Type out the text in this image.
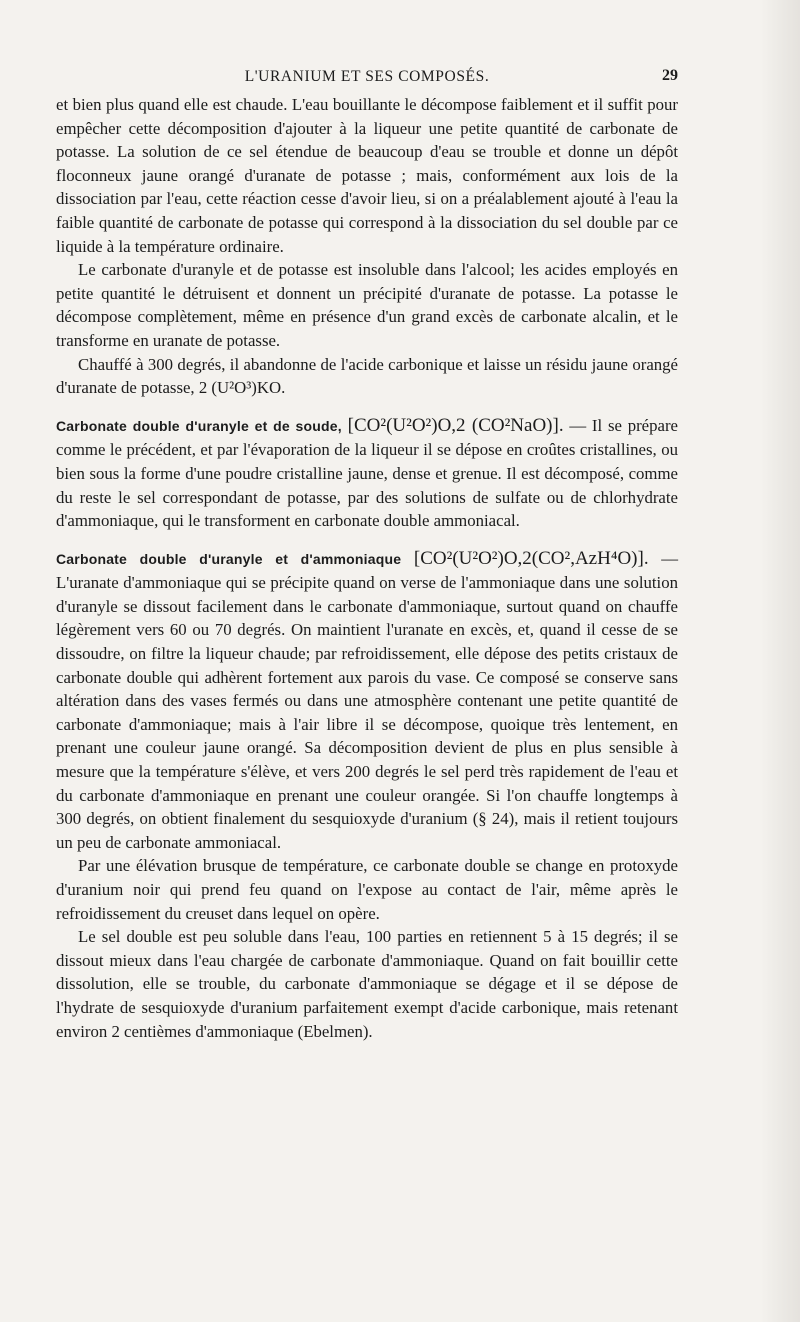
L'URANIUM ET SES COMPOSÉS.	29

et bien plus quand elle est chaude. L'eau bouillante le décompose faiblement et il suffit pour empêcher cette décomposition d'ajouter à la liqueur une petite quantité de carbonate de potasse. La solution de ce sel étendue de beaucoup d'eau se trouble et donne un dépôt floconneux jaune orangé d'uranate de potasse ; mais, conformément aux lois de la dissociation par l'eau, cette réaction cesse d'avoir lieu, si on a préalablement ajouté à l'eau la faible quantité de carbonate de potasse qui correspond à la dissociation du sel double par ce liquide à la température ordinaire.

Le carbonate d'uranyle et de potasse est insoluble dans l'alcool; les acides employés en petite quantité le détruisent et donnent un précipité d'uranate de potasse. La potasse le décompose complètement, même en présence d'un grand excès de carbonate alcalin, et le transforme en uranate de potasse.

Chauffé à 300 degrés, il abandonne de l'acide carbonique et laisse un résidu jaune orangé d'uranate de potasse, 2 (U²O³)KO.

Carbonate double d'uranyle et de soude, [CO²(U²O²)O,2 (CO²NaO)]. — Il se prépare comme le précédent, et par l'évaporation de la liqueur il se dépose en croûtes cristallines, ou bien sous la forme d'une poudre cristalline jaune, dense et grenue. Il est décomposé, comme du reste le sel correspondant de potasse, par des solutions de sulfate ou de chlorhydrate d'ammoniaque, qui le transforment en carbonate double ammoniacal.

Carbonate double d'uranyle et d'ammoniaque [CO²(U²O²)O,2(CO²,AzH⁴O)]. — L'uranate d'ammoniaque qui se précipite quand on verse de l'ammoniaque dans une solution d'uranyle se dissout facilement dans le carbonate d'ammoniaque, surtout quand on chauffe légèrement vers 60 ou 70 degrés. On maintient l'uranate en excès, et, quand il cesse de se dissoudre, on filtre la liqueur chaude; par refroidissement, elle dépose des petits cristaux de carbonate double qui adhèrent fortement aux parois du vase. Ce composé se conserve sans altération dans des vases fermés ou dans une atmosphère contenant une petite quantité de carbonate d'ammoniaque; mais à l'air libre il se décompose, quoique très lentement, en prenant une couleur jaune orangé. Sa décomposition devient de plus en plus sensible à mesure que la température s'élève, et vers 200 degrés le sel perd très rapidement de l'eau et du carbonate d'ammoniaque en prenant une couleur orangée. Si l'on chauffe longtemps à 300 degrés, on obtient finalement du sesquioxyde d'uranium (§ 24), mais il retient toujours un peu de carbonate ammoniacal.

Par une élévation brusque de température, ce carbonate double se change en protoxyde d'uranium noir qui prend feu quand on l'expose au contact de l'air, même après le refroidissement du creuset dans lequel on opère.

Le sel double est peu soluble dans l'eau, 100 parties en retiennent 5 à 15 degrés; il se dissout mieux dans l'eau chargée de carbonate d'ammoniaque. Quand on fait bouillir cette dissolution, elle se trouble, du carbonate d'ammoniaque se dégage et il se dépose de l'hydrate de sesquioxyde d'uranium parfaitement exempt d'acide carbonique, mais retenant environ 2 centièmes d'ammoniaque (Ebelmen).
